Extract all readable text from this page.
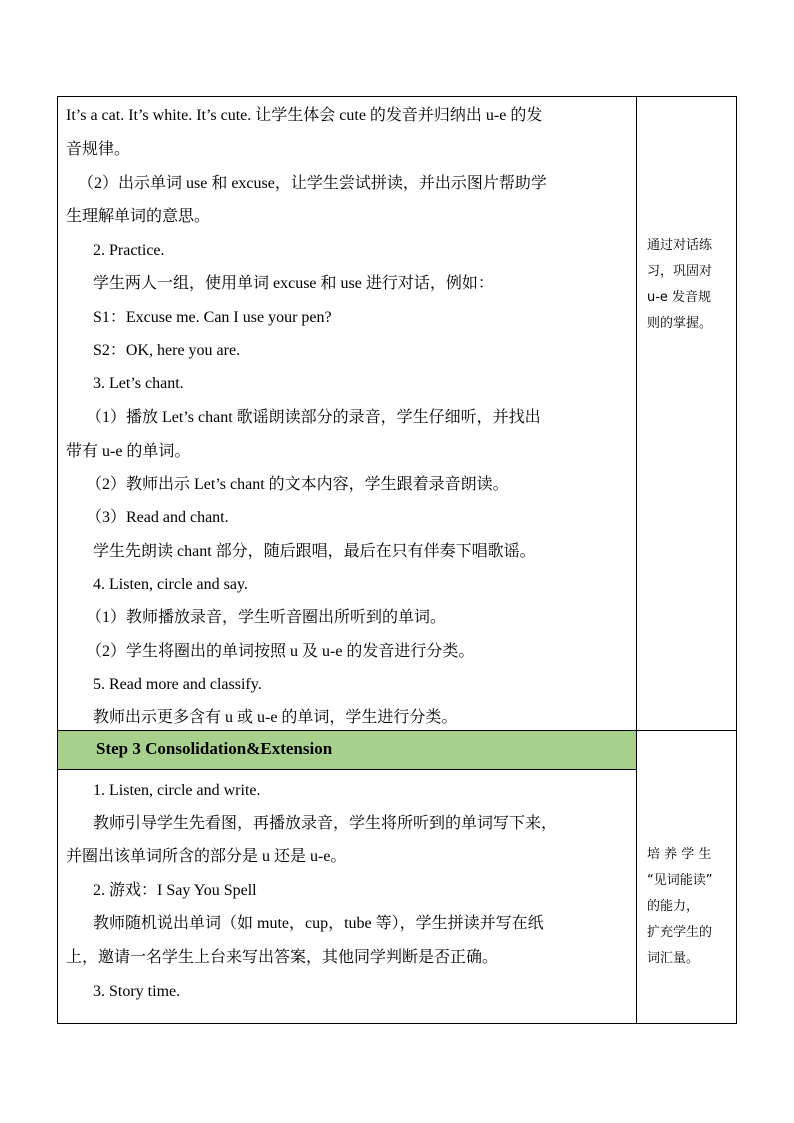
It’s a cat. It’s white. It’s cute. 让学生体会 cute 的发音并归纳出 u-e 的发
音规律。
（2）出示单词 use 和 excuse，让学生尝试拼读，并出示图片帮助学
生理解单词的意思。
2. Practice.
学生两人一组，使用单词 excuse 和 use 进行对话，例如：
S1：Excuse me. Can I use your pen?
S2：OK, here you are.
3. Let’s chant.
（1）播放 Let’s chant 歌谣朗读部分的录音，学生仔细听，并找出
带有 u-e 的单词。
（2）教师出示 Let’s chant 的文本内容，学生跟着录音朗读。
（3）Read and chant.
学生先朗读 chant 部分，随后跟唱，最后在只有伴奏下唱歌谣。
4. Listen, circle and say.
（1）教师播放录音，学生听音圈出所听到的单词。
（2）学生将圈出的单词按照 u 及 u-e 的发音进行分类。
5. Read more and classify.
教师出示更多含有 u 或 u-e 的单词，学生进行分类。
通过对话练
习，巩固对
u-e 发音规
则的掌握。
Step 3 Consolidation&Extension
1. Listen, circle and write.
教师引导学生先看图，再播放录音，学生将所听到的单词写下来，
并圈出该单词所含的部分是 u 还是 u-e。
2. 游戏：I Say You Spell
教师随机说出单词（如 mute，cup，tube 等），学生拼读并写在纸
上，邀请一名学生上台来写出答案，其他同学判断是否正确。
3. Story time.
培 养 学 生
“见词能读”
的能力，
扩充学生的
词汇量。
